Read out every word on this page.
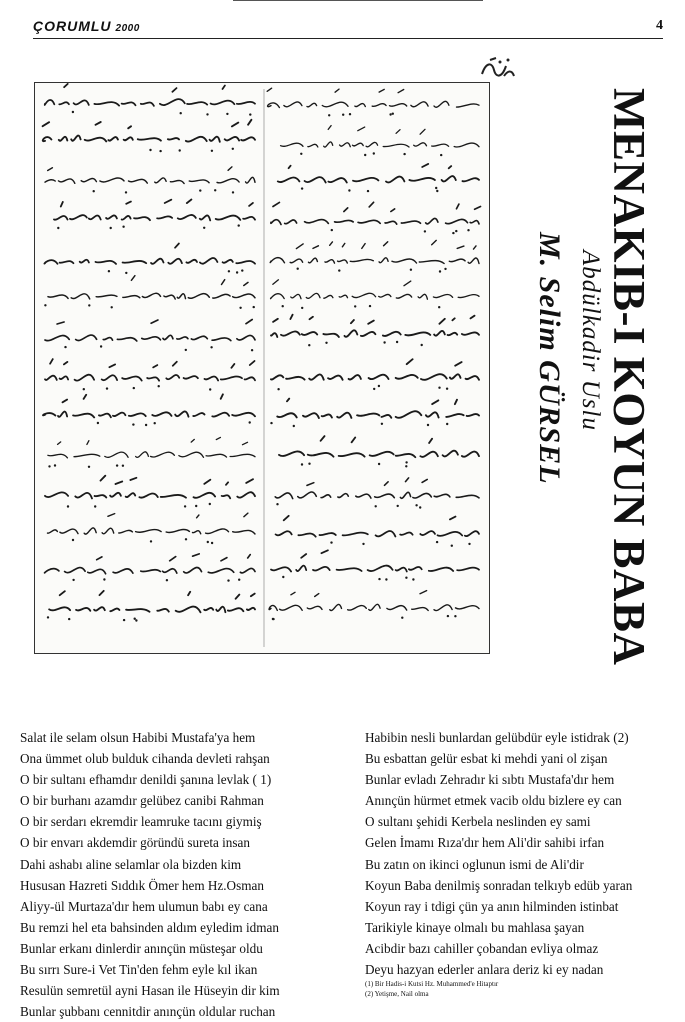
ÇORUMLU 2000	4
MENAKIB-I KOYUN BABA
Abdülkadir Uslu
M. Selim GÜRSEL
Salat ile selam olsun Habibi Mustafa'ya hem
Ona ümmet olub bulduk cihanda devleti rahşan
O bir sultanı efhamdır denildi şanına levlak ( 1)
O bir burhanı azamdır gelübez canibi Rahman
O bir serdarı ekremdir leamruke tacını giymiş
O bir envarı akdemdir göründü sureta insan
Dahi ashabı aline selamlar ola bizden kim
Hususan Hazreti Sıddık Ömer hem Hz.Osman
Aliyy-ül Murtaza'dır hem ulumun babı ey cana
Bu remzi hel eta bahsinden aldım eyledim idman
Bunlar erkanı dinlerdir anınçün müsteşar oldu
Bu sırrı Sure-i Vet Tin'den fehm eyle kıl ikan
Resulün semretül ayni Hasan ile Hüseyin dir kim
Bunlar şubbanı cennitdir anınçün oldular ruchan
Habibin nesli bunlardan gelübdür eyle istidrak (2)
Bu esbattan gelür esbat ki mehdi yani ol zişan
Bunlar evladı Zehradır ki sıbtı Mustafa'dır hem
Anınçün hürmet etmek vacib oldu bizlere ey can
O sultanı şehidi Kerbela neslinden ey sami
Gelen İmamı Rıza'dır hem Ali'dir sahibi irfan
Bu zatın on ikinci oglunun ismi de Ali'dir
Koyun Baba denilmiş sonradan telkıyb edüb yaran
Koyun ray i tdigi çün ya anın hilminden istinbat
Tarikiyle kinaye olmalı bu mahlasa şayan
Acibdir bazı cahiller çobandan evliya olmaz
Deyu hazyan ederler anlara deriz ki ey nadan
(1) Bir Hadis-i Kutsi Hz. Muhammed'e Hitaptır
(2) Yetişme, Nail olma
